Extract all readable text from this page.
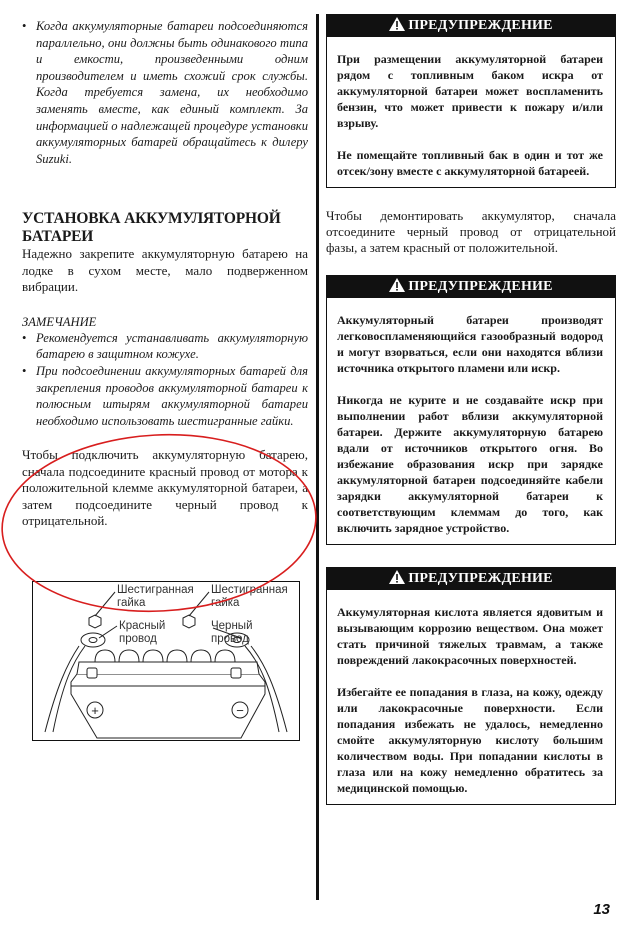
• Когда аккумуляторные батареи подсоединяются параллельно, они должны быть одинакового типа и емкости, произведенными одним производителем и иметь схожий срок службы. Когда требуется замена, их необходимо заменять вместе, как единый комплект. За информацией о надлежащей процедуре установки аккумуляторных батарей обращайтесь к дилеру Suzuki.
УСТАНОВКА АККУМУЛЯТОРНОЙ БАТАРЕИ
Надежно закрепите аккумуляторную батарею на лодке в сухом месте, мало подверженном вибрации.
ЗАМЕЧАНИЕ
• Рекомендуется устанавливать аккумуляторную батарею в защитном кожухе.
• При подсоединении аккумуляторных батарей для закрепления проводов аккумуляторной батареи к полюсным штырям аккумуляторной батареи необходимо использовать шестигранные гайки.
Чтобы подключить аккумуляторную батарею, сначала подсоедините красный провод от мотора к положительной клемме аккумуляторной батареи, а затем подсоедините черный провод к отрицательной.
+	−
Шестигранная
гайка
Шестигранная
гайка
Красный
провод
Черный
провод
ПРЕДУПРЕЖДЕНИЕ

При размещении аккумуляторной батареи рядом с топливным баком искра от аккумуляторной батареи может воспламенить бензин, что может привести к пожару и/или взрыву.

Не помещайте топливный бак в один и тот же отсек/зону вместе с аккумуляторной батареей.

Чтобы демонтировать аккумулятор, сначала отсоедините черный провод от отрицательной фазы, а затем красный от положительной.
ПРЕДУПРЕЖДЕНИЕ

Аккумуляторный батареи производят легковоспламеняющийся газообразный водород и могут взорваться, если они находятся вблизи источника открытого пламени или искр.

Никогда не курите и не создавайте искр при выполнении работ вблизи аккумуляторной батареи. Держите аккумуляторную батарею вдали от источников открытого огня. Во избежание образования искр при зарядке аккумуляторной батареи подсоединяйте кабели зарядки аккумуляторной батареи к соответствующим клеммам до того, как включить зарядное устройство.

ПРЕДУПРЕЖДЕНИЕ

Аккумуляторная кислота является ядовитым и вызывающим коррозию веществом. Она может стать причиной тяжелых травмам, а также повреждений лакокрасочных поверхностей.

Избегайте ее попадания в глаза, на кожу, одежду или лакокрасочные поверхности. Если попадания избежать не удалось, немедленно смойте аккумуляторную кислоту большим количеством воды. При попадании кислоты в глаза или на кожу немедленно обратитесь за медицинской помощью.

13
